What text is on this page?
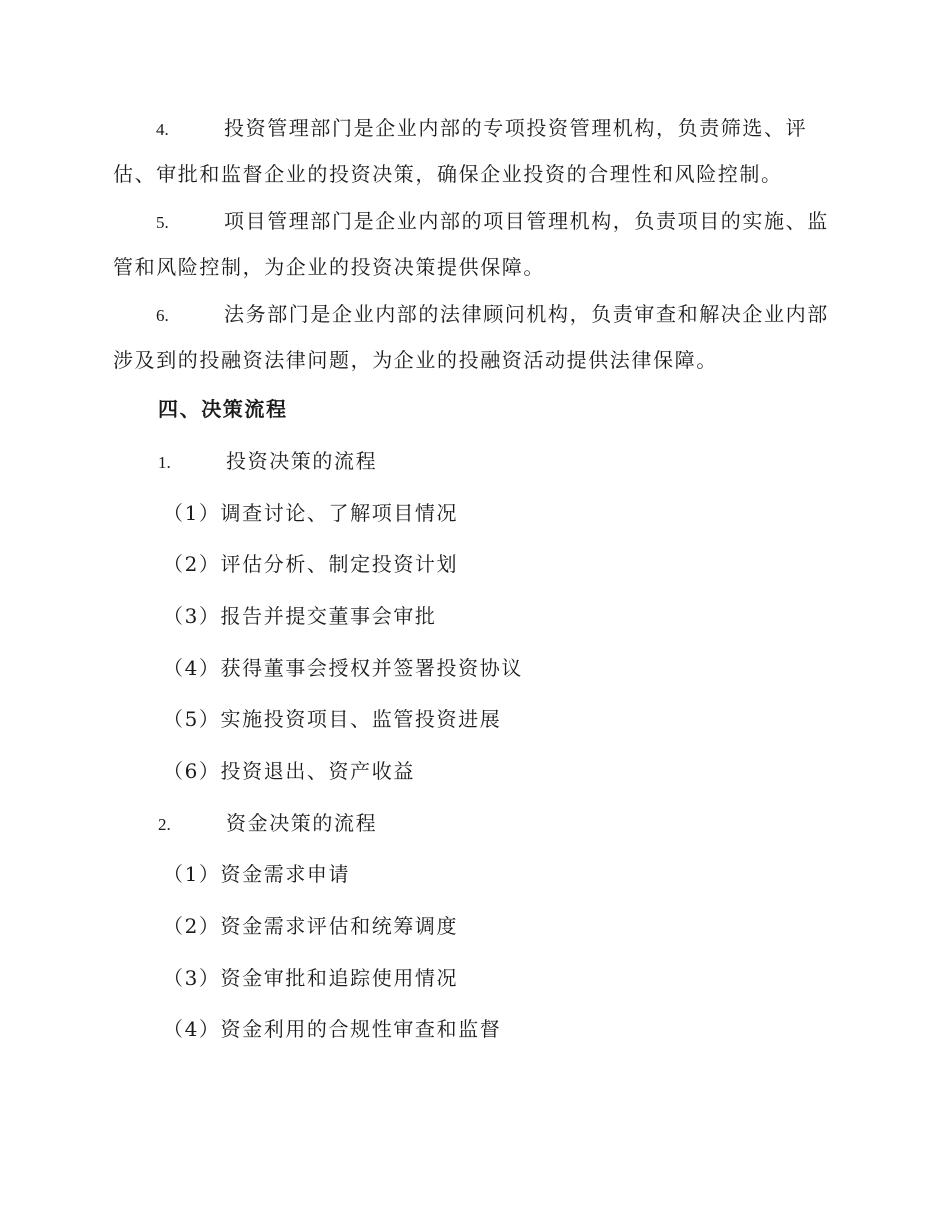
4.	投资管理部门是企业内部的专项投资管理机构，负责筛选、评估、审批和监督企业的投资决策，确保企业投资的合理性和风险控制。

5.	项目管理部门是企业内部的项目管理机构，负责项目的实施、监管和风险控制，为企业的投资决策提供保障。

6.	法务部门是企业内部的法律顾问机构，负责审查和解决企业内部涉及到的投融资法律问题，为企业的投融资活动提供法律保障。

四、决策流程

1.	投资决策的流程

（1）调查讨论、了解项目情况

（2）评估分析、制定投资计划

（3）报告并提交董事会审批

（4）获得董事会授权并签署投资协议

（5）实施投资项目、监管投资进展

（6）投资退出、资产收益

2.	资金决策的流程

（1）资金需求申请

（2）资金需求评估和统筹调度

（3）资金审批和追踪使用情况

（4）资金利用的合规性审查和监督
